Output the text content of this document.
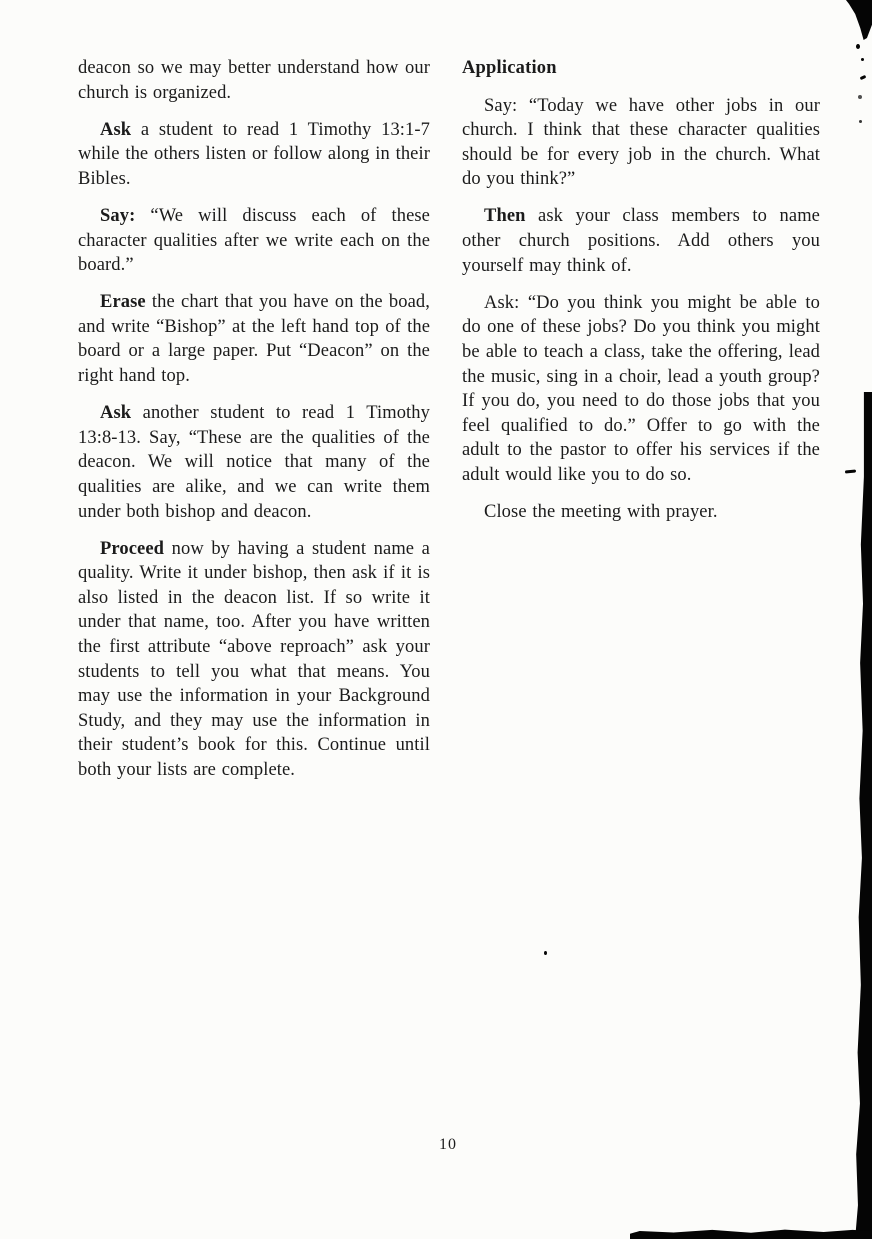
deacon so we may better understand how our church is organized.

Ask a student to read 1 Timothy 13:1-7 while the others listen or follow along in their Bibles.

Say: “We will discuss each of these character qualities after we write each on the board.”

Erase the chart that you have on the boad, and write “Bishop” at the left hand top of the board or a large paper. Put “Deacon” on the right hand top.

Ask another student to read 1 Timothy 13:8-13. Say, “These are the qualities of the deacon. We will notice that many of the qualities are alike, and we can write them under both bishop and deacon.

Proceed now by having a student name a quality. Write it under bishop, then ask if it is also listed in the deacon list. If so write it under that name, too. After you have written the first attribute “above reproach” ask your students to tell you what that means. You may use the information in your Background Study, and they may use the information in their student’s book for this. Continue until both your lists are complete.

Application

Say: “Today we have other jobs in our church. I think that these character qualities should be for every job in the church. What do you think?”

Then ask your class members to name other church positions. Add others you yourself may think of.

Ask: “Do you think you might be able to do one of these jobs? Do you think you might be able to teach a class, take the offering, lead the music, sing in a choir, lead a youth group? If you do, you need to do those jobs that you feel qualified to do.” Offer to go with the adult to the pastor to offer his services if the adult would like you to do so.

Close the meeting with prayer.

10
